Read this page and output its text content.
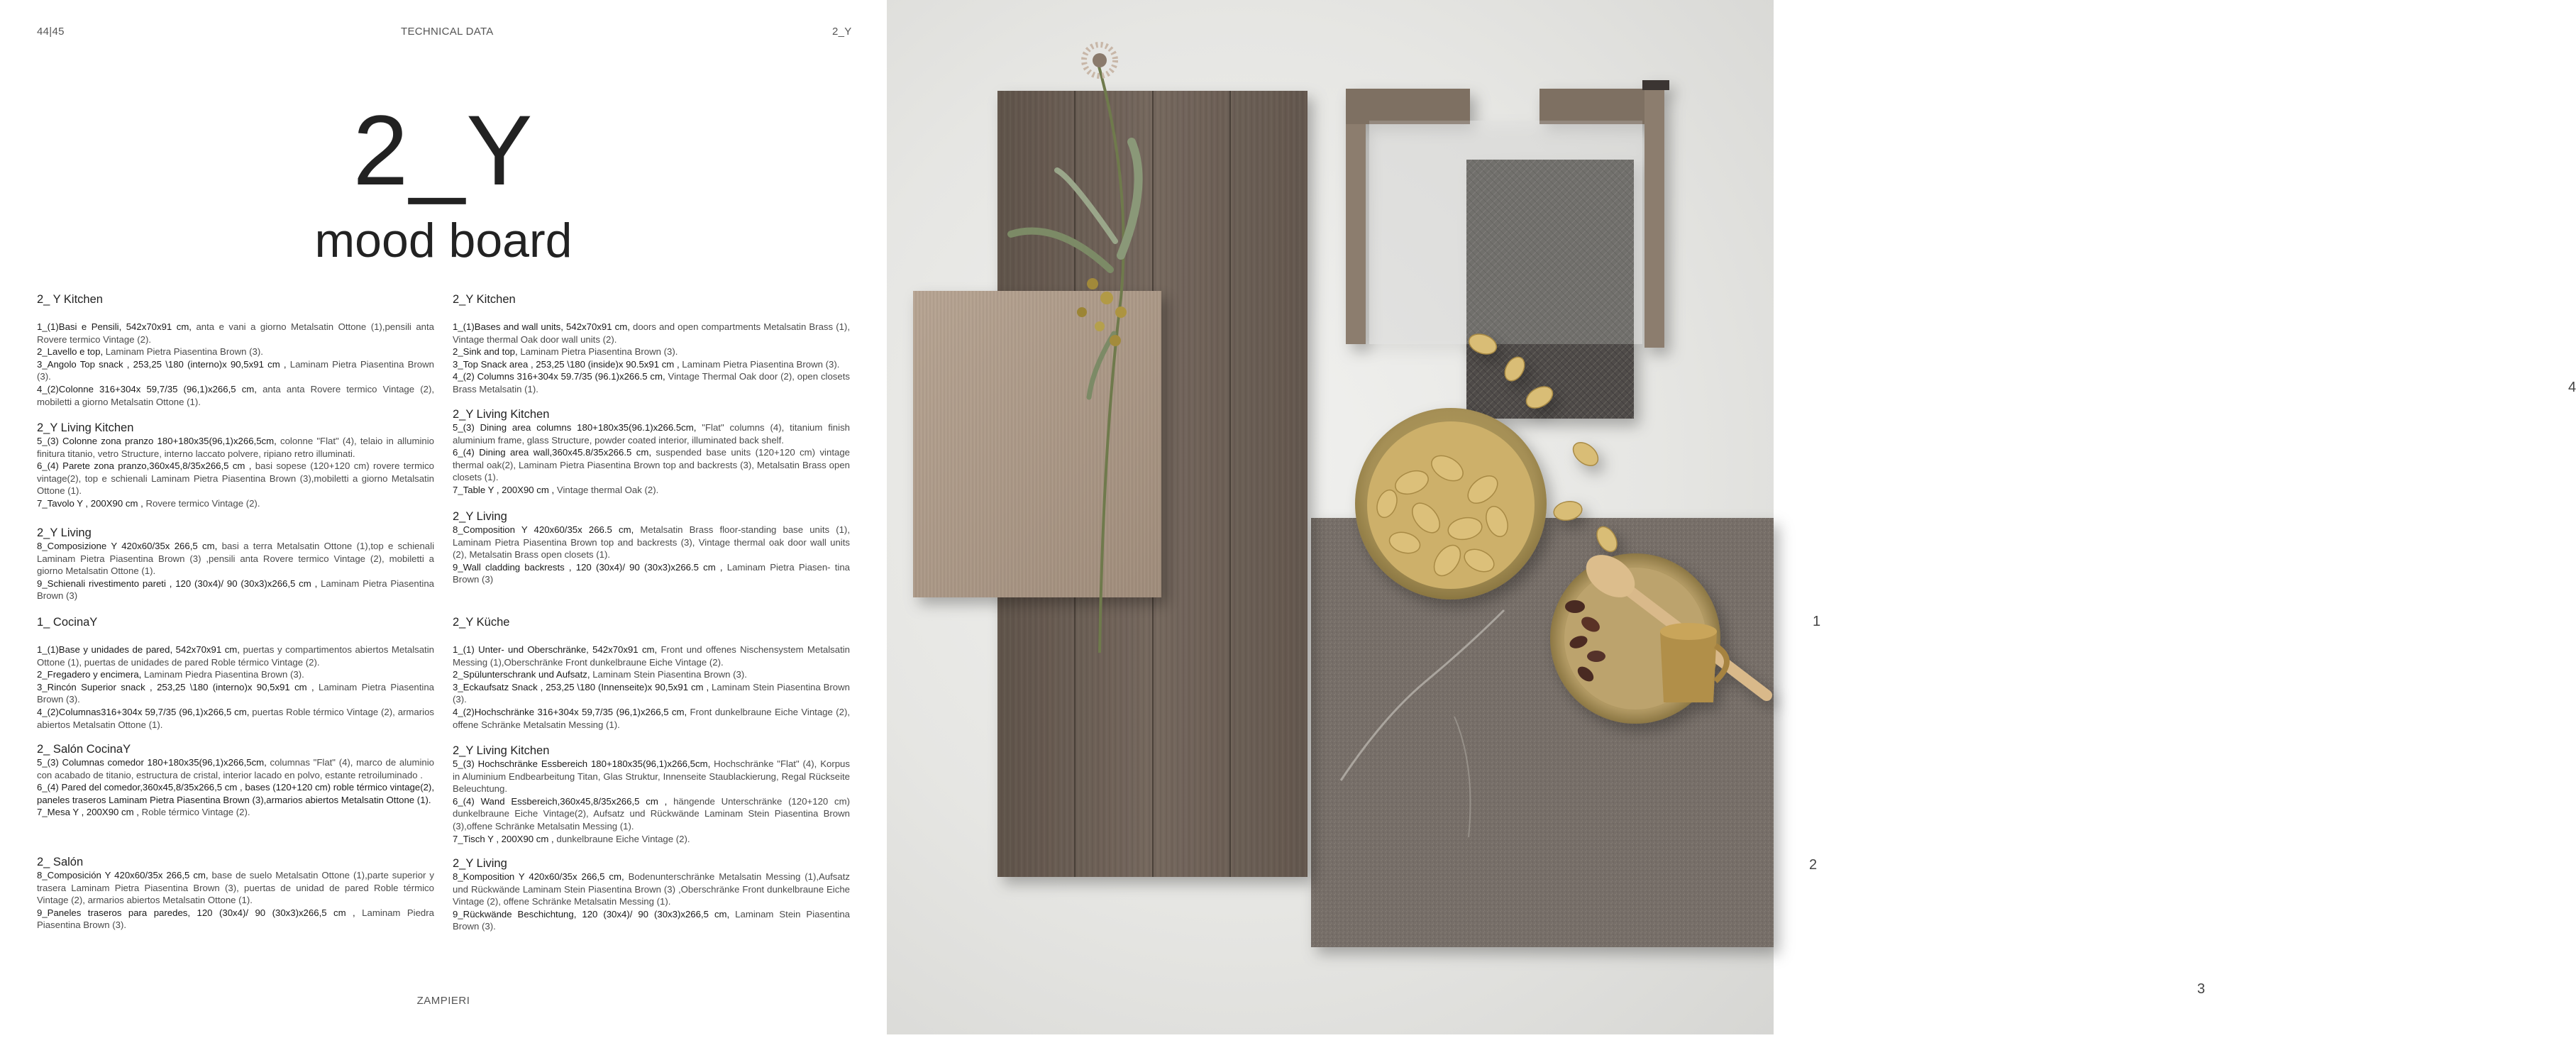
44|45	TECHNICAL DATA	2_Y
2_Y
mood board
2_ Y Kitchen

1_(1)Basi e Pensili, 542x70x91 cm, anta e vani a giorno Metalsatin Ottone (1),pensili anta Rovere termico Vintage (2).

2_Lavello e top, Laminam Pietra Piasentina Brown (3).

3_Angolo Top snack , 253,25 \180 (interno)x 90,5x91 cm , Laminam Pietra Piasentina Brown (3).

4_(2)Colonne 316+304x 59,7/35 (96,1)x266,5 cm, anta anta Rovere termico Vintage (2), mobiletti a giorno Metalsatin Ottone (1).

2_Y Living Kitchen

5_(3) Colonne zona pranzo 180+180x35(96,1)x266,5cm, colonne "Flat" (4), telaio in alluminio finitura titanio, vetro Structure, interno laccato polvere, ripiano retro illuminati.

6_(4) Parete zona pranzo,360x45,8/35x266,5 cm , basi sopese (120+120 cm) rovere termico vintage(2), top e schienali Laminam Pietra Piasentina Brown (3),mobiletti a giorno Metalsatin Ottone (1).

7_Tavolo Y , 200X90 cm , Rovere termico Vintage (2).

2_Y Living

8_Composizione Y 420x60/35x 266,5 cm, basi a terra Metalsatin Ottone (1),top e schienali Laminam Pietra Piasentina Brown (3) ,pensili anta Rovere termico Vintage (2), mobiletti a giorno Metalsatin Ottone (1).

9_Schienali rivestimento pareti , 120 (30x4)/ 90 (30x3)x266,5 cm , Laminam Pietra Piasentina Brown (3)

1_ CocinaY

1_(1)Base y unidades de pared, 542x70x91 cm, puertas y compartimentos abiertos Metalsatin Ottone (1), puertas de unidades de pared Roble térmico Vintage (2).

2_Fregadero y encimera, Laminam Piedra Piasentina Brown (3).

3_Rincón Superior snack , 253,25 \180 (interno)x 90,5x91 cm , Laminam Pietra Piasentina Brown (3).

4_(2)Columnas316+304x 59,7/35 (96,1)x266,5 cm, puertas Roble térmico Vintage (2), armarios abiertos Metalsatin Ottone (1).

2_ Salón CocinaY

5_(3) Columnas comedor 180+180x35(96,1)x266,5cm, columnas "Flat" (4), marco de aluminio con acabado de titanio, estructura de cristal, interior lacado en polvo, estante retroiluminado .

6_(4) Pared del comedor,360x45,8/35x266,5 cm , bases (120+120 cm) roble térmico vintage(2), paneles traseros Laminam Pietra Piasentina Brown (3),armarios abiertos Metalsatin Ottone (1).

7_Mesa Y , 200X90 cm , Roble térmico Vintage (2).

2_ Salón

8_Composición Y 420x60/35x 266,5 cm, base de suelo Metalsatin Ottone (1),parte superior y trasera Laminam Pietra Piasentina Brown (3), puertas de unidad de pared Roble térmico Vintage (2), armarios abiertos Metalsatin Ottone (1).

9_Paneles traseros para paredes, 120 (30x4)/ 90 (30x3)x266,5 cm , Laminam Piedra Piasentina Brown (3).

2_Y Kitchen

1_(1)Bases and wall units, 542x70x91 cm, doors and open compartments Metalsatin Brass (1), Vintage thermal Oak door wall units (2).

2_Sink and top, Laminam Pietra Piasentina Brown (3).

3_Top Snack area , 253,25 \180 (inside)x 90.5x91 cm , Laminam Pietra Piasentina Brown (3).

4_(2) Columns 316+304x 59.7/35 (96.1)x266.5 cm, Vintage Thermal Oak door (2), open closets Brass Metalsatin (1).

2_Y Living Kitchen

5_(3) Dining area columns 180+180x35(96.1)x266.5cm, "Flat" columns (4), titanium finish aluminium frame, glass Structure, powder coated interior, illuminated back shelf.

6_(4) Dining area wall,360x45.8/35x266.5 cm, suspended base units (120+120 cm) vintage thermal oak(2), Laminam Pietra Piasentina Brown top and backrests (3), Metalsatin Brass open closets (1).

7_Table Y , 200X90 cm , Vintage thermal Oak (2).

2_Y Living

8_Composition Y 420x60/35x 266.5 cm, Metalsatin Brass floor-standing base units (1), Laminam Pietra Piasentina Brown top and backrests (3), Vintage thermal oak door wall units (2), Metalsatin Brass open closets (1).

9_Wall cladding backrests , 120 (30x4)/ 90 (30x3)x266.5 cm , Laminam Pietra Piasen- tina Brown (3)

2_Y Küche

1_(1) Unter- und Oberschränke, 542x70x91 cm, Front und offenes Nischensystem Metalsatin Messing (1),Oberschränke Front dunkelbraune Eiche Vintage (2).

2_Spülunterschrank und Aufsatz, Laminam Stein Piasentina Brown (3).

3_Eckaufsatz Snack , 253,25 \180 (Innenseite)x 90,5x91 cm , Laminam Stein Piasentina Brown (3).

4_(2)Hochschränke 316+304x 59,7/35 (96,1)x266,5 cm, Front dunkelbraune Eiche Vintage (2), offene Schränke Metalsatin Messing (1).

2_Y Living Kitchen

5_(3) Hochschränke Essbereich 180+180x35(96,1)x266,5cm, Hochschränke "Flat" (4), Korpus in Aluminium Endbearbeitung Titan, Glas Struktur, Innenseite Staublackierung, Regal Rückseite Beleuchtung.

6_(4) Wand Essbereich,360x45,8/35x266,5 cm , hängende Unterschränke (120+120 cm) dunkelbraune Eiche Vintage(2), Aufsatz und Rückwände Laminam Stein Piasentina Brown (3),offene Schränke Metalsatin Messing (1).

7_Tisch Y , 200X90 cm , dunkelbraune Eiche Vintage (2).

2_Y Living

8_Komposition Y 420x60/35x 266,5 cm, Bodenunterschränke Metalsatin Messing (1),Aufsatz und Rückwände Laminam Stein Piasentina Brown (3) ,Oberschränke Front dunkelbraune Eiche Vintage (2), offene Schränke Metalsatin Messing (1).

9_Rückwände Beschichtung, 120 (30x4)/ 90 (30x3)x266,5 cm, Laminam Stein Piasentina Brown (3).

ZAMPIERI
1
2
3
4
